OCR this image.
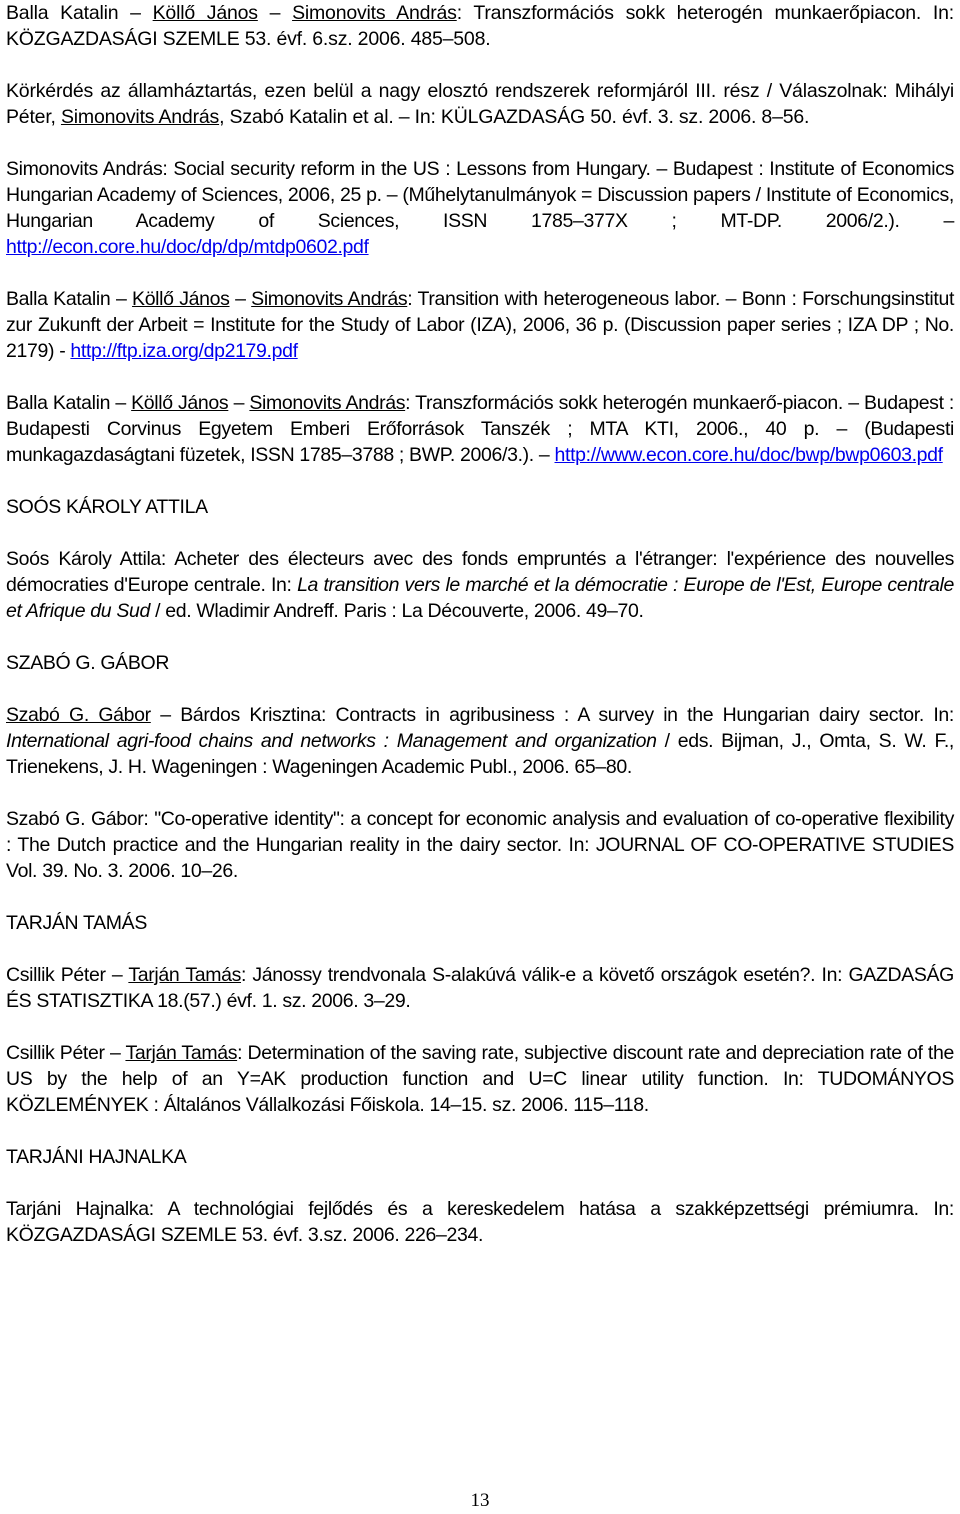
Balla Katalin – Köllő János – Simonovits András: Transzformációs sokk heterogén munkaerőpiacon. In: KÖZGAZDASÁGI SZEMLE 53. évf. 6.sz. 2006. 485–508.

Körkérdés az államháztartás, ezen belül a nagy elosztó rendszerek reformjáról III. rész / Válaszolnak: Mihályi Péter, Simonovits András, Szabó Katalin et al. – In: KÜLGAZDASÁG 50. évf. 3. sz. 2006. 8–56.

Simonovits András: Social security reform in the US : Lessons from Hungary. – Budapest : Institute of Economics Hungarian Academy of Sciences, 2006, 25 p. – (Műhelytanulmányok = Discussion papers / Institute of Economics, Hungarian Academy of Sciences, ISSN 1785–377X ; MT-DP. 2006/2.). – http://econ.core.hu/doc/dp/dp/mtdp0602.pdf

Balla Katalin – Köllő János – Simonovits András: Transition with heterogeneous labor. – Bonn : Forschungsinstitut zur Zukunft der Arbeit = Institute for the Study of Labor (IZA), 2006, 36 p. (Discussion paper series ; IZA DP ; No. 2179) - http://ftp.iza.org/dp2179.pdf

Balla Katalin – Köllő János – Simonovits András: Transzformációs sokk heterogén munkaerő-piacon. – Budapest : Budapesti Corvinus Egyetem Emberi Erőforrások Tanszék ; MTA KTI, 2006., 40 p. – (Budapesti munkagazdaságtani füzetek, ISSN 1785–3788 ; BWP. 2006/3.). – http://www.econ.core.hu/doc/bwp/bwp0603.pdf

SOÓS KÁROLY ATTILA

Soós Károly Attila: Acheter des électeurs avec des fonds empruntés a l'étranger: l'expérience des nouvelles démocraties d'Europe centrale. In: La transition vers le marché et la démocratie : Europe de l'Est, Europe centrale et Afrique du Sud / ed. Wladimir Andreff. Paris : La Découverte, 2006. 49–70.

SZABÓ G. GÁBOR

Szabó G. Gábor – Bárdos Krisztina: Contracts in agribusiness : A survey in the Hungarian dairy sector. In: International agri-food chains and networks : Management and organization / eds. Bijman, J., Omta, S. W. F., Trienekens, J. H. Wageningen : Wageningen Academic Publ., 2006. 65–80.

Szabó G. Gábor: "Co-operative identity": a concept for economic analysis and evaluation of co-operative flexibility : The Dutch practice and the Hungarian reality in the dairy sector. In: JOURNAL OF CO-OPERATIVE STUDIES Vol. 39. No. 3. 2006. 10–26.

TARJÁN TAMÁS

Csillik Péter – Tarján Tamás: Jánossy trendvonala S-alakúvá válik-e a követő országok esetén?. In: GAZDASÁG ÉS STATISZTIKA 18.(57.) évf. 1. sz. 2006. 3–29.

Csillik Péter – Tarján Tamás: Determination of the saving rate, subjective discount rate and depreciation rate of the US by the help of an Y=AK production function and U=C linear utility function. In: TUDOMÁNYOS KÖZLEMÉNYEK : Általános Vállalkozási Főiskola. 14–15. sz. 2006. 115–118.

TARJÁNI HAJNALKA

Tarjáni Hajnalka: A technológiai fejlődés és a kereskedelem hatása a szakképzettségi prémiumra. In: KÖZGAZDASÁGI SZEMLE 53. évf. 3.sz. 2006. 226–234.

13
